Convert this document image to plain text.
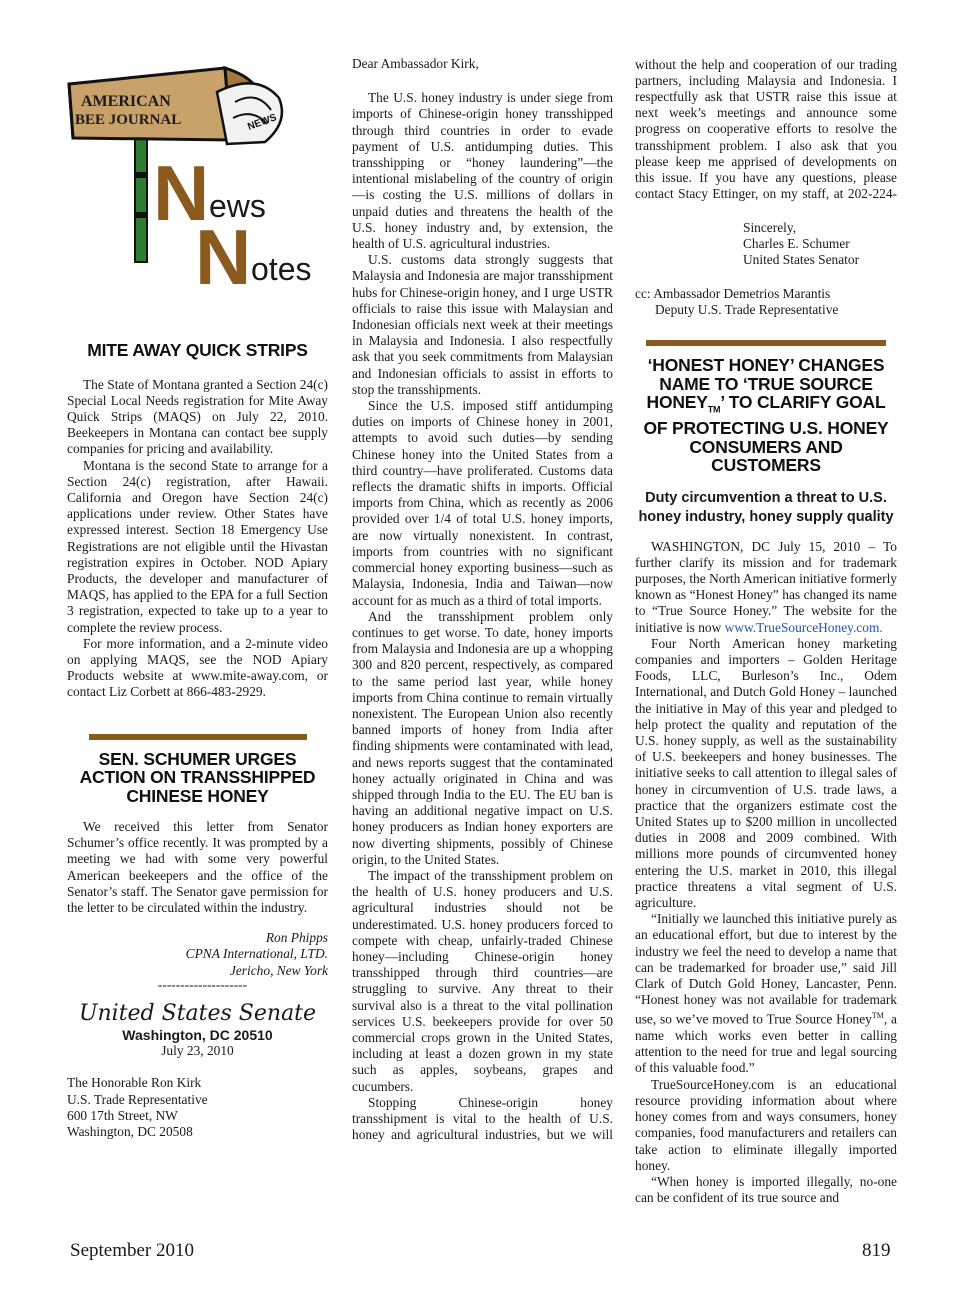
NEWS
AMERICAN
BEE JOURNAL
N ews
N otes
MITE AWAY QUICK STRIPS

The State of Montana granted a Section 24(c) Special Local Needs registration for Mite Away Quick Strips (MAQS) on July 22, 2010. Beekeepers in Montana can contact bee supply companies for pricing and availability.

Montana is the second State to arrange for a Section 24(c) registration, after Hawaii. California and Oregon have Section 24(c) applications under review. Other States have expressed interest. Section 18 Emergency Use Registrations are not eligible until the Hivastan registration expires in October. NOD Apiary Products, the developer and manufacturer of MAQS, has applied to the EPA for a full Section 3 registration, expected to take up to a year to complete the review process.

For more information, and a 2-minute video on applying MAQS, see the NOD Apiary Products website at www.mite-away.com, or contact Liz Corbett at 866-483-2929.

SEN. SCHUMER URGES ACTION ON TRANSSHIPPED CHINESE HONEY

We received this letter from Senator Schumer’s office recently. It was prompted by a meeting we had with some very powerful American beekeepers and the office of the Senator’s staff. The Senator gave permission for the letter to be circulated within the industry.

Ron Phipps
CPNA International, LTD.
Jericho, New York
--------------------
United States Senate
Washington, DC 20510
July 23, 2010
The Honorable Ron Kirk
U.S. Trade Representative
600 17th Street, NW
Washington, DC 20508
Dear Ambassador Kirk,

The U.S. honey industry is under siege from imports of Chinese-origin honey transshipped through third countries in order to evade payment of U.S. antidumping duties. This transshipping or “honey laundering”—the intentional mislabeling of the country of origin—is costing the U.S. millions of dollars in unpaid duties and threatens the health of the U.S. honey industry and, by extension, the health of U.S. agricultural industries.

U.S. customs data strongly suggests that Malaysia and Indonesia are major transshipment hubs for Chinese-origin honey, and I urge USTR officials to raise this issue with Malaysian and Indonesian officials next week at their meetings in Malaysia and Indonesia. I also respectfully ask that you seek commitments from Malaysian and Indonesian officials to assist in efforts to stop the transshipments.

Since the U.S. imposed stiff antidumping duties on imports of Chinese honey in 2001, attempts to avoid such duties—by sending Chinese honey into the United States from a third country—have proliferated. Customs data reflects the dramatic shifts in imports. Official imports from China, which as recently as 2006 provided over 1/4 of total U.S. honey imports, are now virtually nonexistent. In contrast, imports from countries with no significant commercial honey exporting business—such as Malaysia, Indonesia, India and Taiwan—now account for as much as a third of total imports.

And the transshipment problem only continues to get worse. To date, honey imports from Malaysia and Indonesia are up a whopping 300 and 820 percent, respectively, as compared to the same period last year, while honey imports from China continue to remain virtually nonexistent. The European Union also recently banned imports of honey from India after finding shipments were contaminated with lead, and news reports suggest that the contaminated honey actually originated in China and was shipped through India to the EU. The EU ban is having an additional negative impact on U.S. honey producers as Indian honey exporters are now diverting shipments, possibly of Chinese origin, to the United States.

The impact of the transshipment problem on the health of U.S. honey producers and U.S. agricultural industries should not be underestimated. U.S. honey producers forced to compete with cheap, unfairly-traded Chinese honey—including Chinese-origin honey transshipped through third countries—are struggling to survive. Any threat to their survival also is a threat to the vital pollination services U.S. beekeepers provide for over 50 commercial crops grown in the United States, including at least a dozen grown in my state such as apples, soybeans, grapes and cucumbers.

Stopping Chinese-origin honey transshipment is vital to the health of U.S. honey and agricultural industries, but we will

without the help and cooperation of our trading partners, including Malaysia and Indonesia. I respectfully ask that USTR raise this issue at next week’s meetings and announce some progress on cooperative efforts to resolve the transshipment problem. I also ask that you please keep me apprised of developments on this issue. If you have any questions, please contact Stacy Ettinger, on my staff, at 202-224-

Sincerely,
Charles E. Schumer
United States Senator
cc: Ambassador Demetrios Marantis
Deputy U.S. Trade Representative
‘HONEST HONEY’ CHANGES NAME TO ‘TRUE SOURCE $HONEY_{TM}$’ TO CLARIFY GOAL OF PROTECTING U.S. HONEY CONSUMERS AND CUSTOMERS
Duty circumvention a threat to U.S. honey industry, honey supply quality

WASHINGTON, DC July 15, 2010 – To further clarify its mission and for trademark purposes, the North American initiative formerly known as “Honest Honey” has changed its name to “True Source Honey.” The website for the initiative is now www.TrueSourceHoney.com.

Four North American honey marketing companies and importers – Golden Heritage Foods, LLC, Burleson’s Inc., Odem International, and Dutch Gold Honey – launched the initiative in May of this year and pledged to help protect the quality and reputation of the U.S. honey supply, as well as the sustainability of U.S. beekeepers and honey businesses. The initiative seeks to call attention to illegal sales of honey in circumvention of U.S. trade laws, a practice that the organizers estimate cost the United States up to $200 million in uncollected duties in 2008 and 2009 combined. With millions more pounds of circumvented honey entering the U.S. market in 2010, this illegal practice threatens a vital segment of U.S. agriculture.

“Initially we launched this initiative purely as an educational effort, but due to interest by the industry we feel the need to develop a name that can be trademarked for broader use,” said Jill Clark of Dutch Gold Honey, Lancaster, Penn. “Honest honey was not available for trademark use, so we’ve moved to True Source Honey™, a name which works even better in calling attention to the need for true and legal sourcing of this valuable food.”

TrueSourceHoney.com is an educational resource providing information about where honey comes from and ways consumers, honey companies, food manufacturers and retailers can take action to eliminate illegally imported honey.

“When honey is imported illegally, no-one can be confident of its true source and

September 2010	819
